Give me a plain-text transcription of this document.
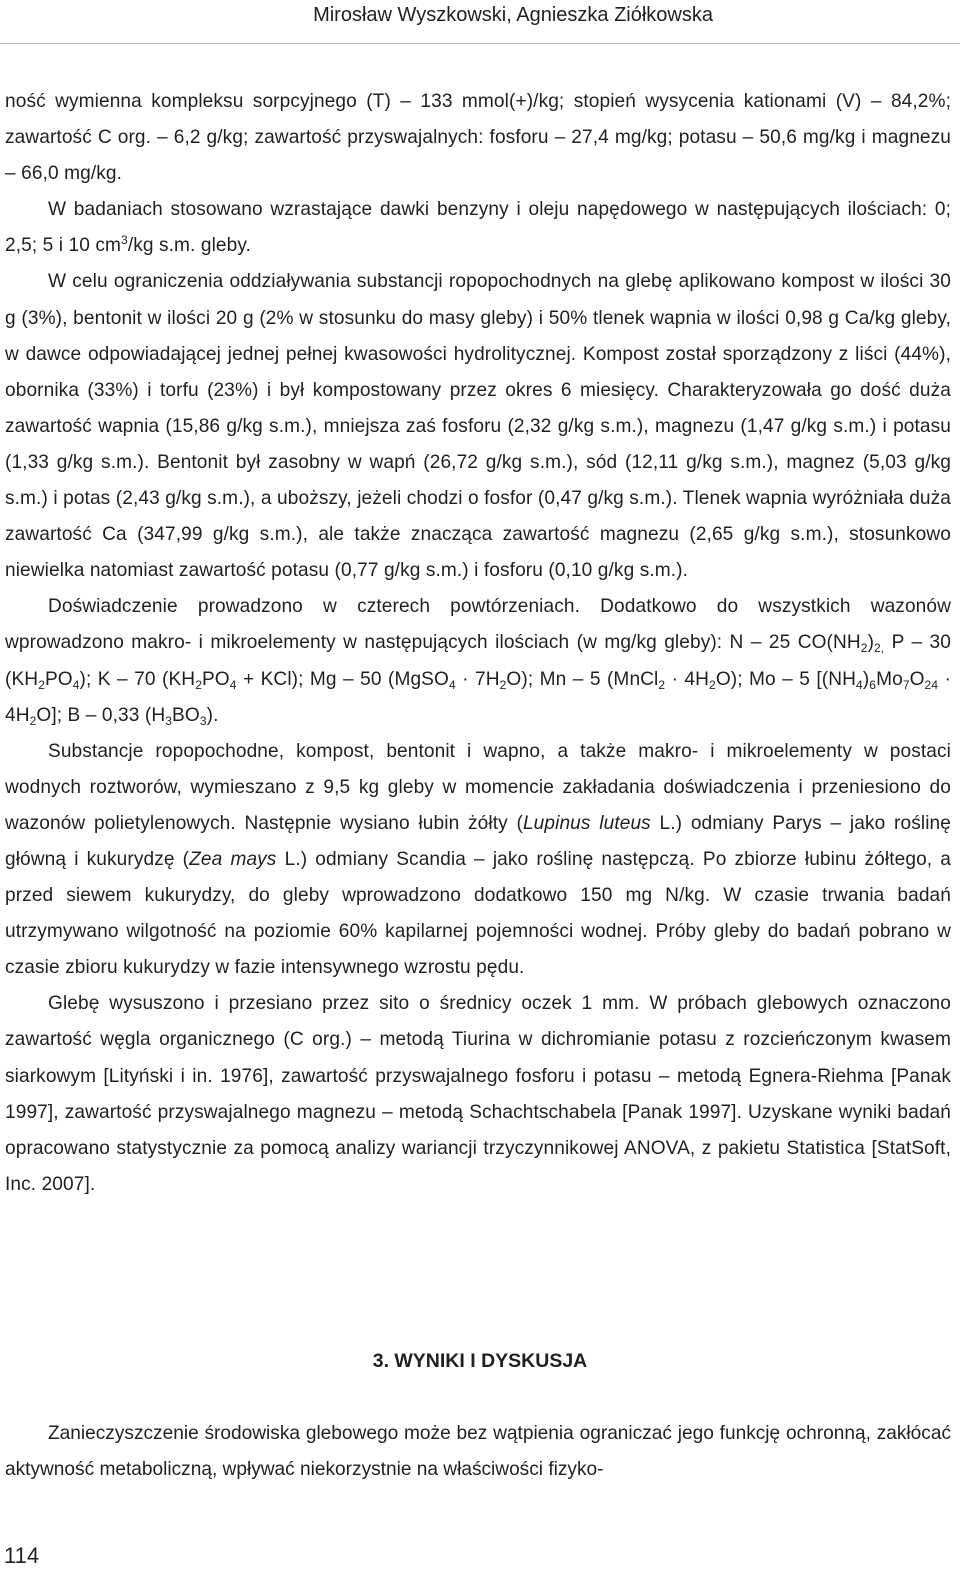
Mirosław Wyszkowski, Agnieszka Ziółkowska

ność wymienna kompleksu sorpcyjnego (T) – 133 mmol(+)/kg; stopień wysycenia kationami (V) – 84,2%; zawartość C org. – 6,2 g/kg; zawartość przyswajalnych: fosforu – 27,4 mg/kg; potasu – 50,6 mg/kg i magnezu – 66,0 mg/kg.

W badaniach stosowano wzrastające dawki benzyny i oleju napędowego w następujących ilościach: 0; 2,5; 5 i 10 $cm^3/kg$ s.m. gleby.

W celu ograniczenia oddziaływania substancji ropopochodnych na glebę aplikowano kompost w ilości 30 g (3%), bentonit w ilości 20 g (2% w stosunku do masy gleby) i 50% tlenek wapnia w ilości 0,98 g Ca/kg gleby, w dawce odpowiadającej jednej pełnej kwasowości hydrolitycznej. Kompost został sporządzony z liści (44%), obornika (33%) i torfu (23%) i był kompostowany przez okres 6 miesięcy. Charakteryzowała go dość duża zawartość wapnia (15,86 g/kg s.m.), mniejsza zaś fosforu (2,32 g/kg s.m.), magnezu (1,47 g/kg s.m.) i potasu (1,33 g/kg s.m.). Bentonit był zasobny w wapń (26,72 g/kg s.m.), sód (12,11 g/kg s.m.), magnez (5,03 g/kg s.m.) i potas (2,43 g/kg s.m.), a uboższy, jeżeli chodzi o fosfor (0,47 g/kg s.m.). Tlenek wapnia wyróżniała duża zawartość Ca (347,99 g/kg s.m.), ale także znacząca zawartość magnezu (2,65 g/kg s.m.), stosunkowo niewielka natomiast zawartość potasu (0,77 g/kg s.m.) i fosforu (0,10 g/kg s.m.).

Doświadczenie prowadzono w czterech powtórzeniach. Dodatkowo do wszystkich wazonów wprowadzono makro- i mikroelementy w następujących ilościach (w mg/kg gleby): N – 25 $CO(NH_2)_{2,}$ P – 30 $(KH_2PO_4)$; K – 70 $(KH_2PO_4 + KCl)$; Mg – 50 (MgSO$_4$ · $7H_2O$); Mn – 5 (MnCl$_2$ · $4H_2O$); Mo – 5 $[(NH_4)_6Mo_7O_{24} \cdot 4H_2O]$; B – 0,33 $(H_3BO_3)$.

Substancje ropopochodne, kompost, bentonit i wapno, a także makro- i mikroelementy w postaci wodnych roztworów, wymieszano z 9,5 kg gleby w momencie zakładania doświadczenia i przeniesiono do wazonów polietylenowych. Następnie wysiano łubin żółty (Lupinus luteus L.) odmiany Parys – jako roślinę główną i kukurydzę (Zea mays L.) odmiany Scandia – jako roślinę następczą. Po zbiorze łubinu żółtego, a przed siewem kukurydzy, do gleby wprowadzono dodatkowo 150 mg N/kg. W czasie trwania badań utrzymywano wilgotność na poziomie 60% kapilarnej pojemności wodnej. Próby gleby do badań pobrano w czasie zbioru kukurydzy w fazie intensywnego wzrostu pędu.

Glebę wysuszono i przesiano przez sito o średnicy oczek 1 mm. W próbach glebowych oznaczono zawartość węgla organicznego (C org.) – metodą Tiurina w dichromianie potasu z rozcieńczonym kwasem siarkowym [Lityński i in. 1976], zawartość przyswajalnego fosforu i potasu – metodą Egnera-Riehma [Panak 1997], zawartość przyswajalnego magnezu – metodą Schachtschabela [Panak 1997]. Uzyskane wyniki badań opracowano statystycznie za pomocą analizy wariancji trzyczynnikowej ANOVA, z pakietu Statistica [StatSoft, Inc. 2007].

3. WYNIKI I DYSKUSJA

Zanieczyszczenie środowiska glebowego może bez wątpienia ograniczać jego funkcję ochronną, zakłócać aktywność metaboliczną, wpływać niekorzystnie na właściwości fizyko-

114
